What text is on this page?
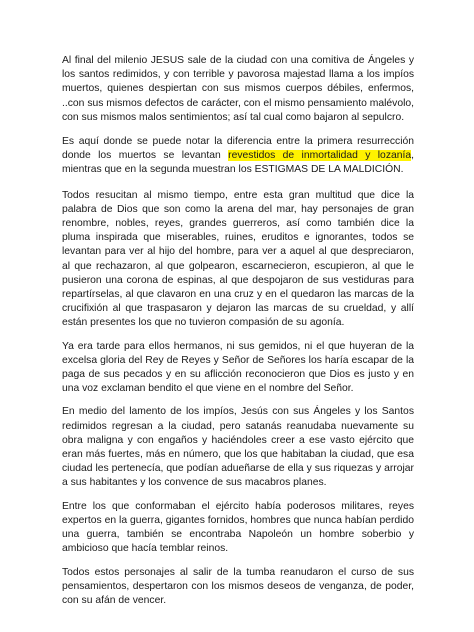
Al final del milenio JESUS sale de la ciudad con una comitiva de Ángeles y los santos redimidos, y con terrible y pavorosa majestad llama a los impíos muertos, quienes despiertan con sus mismos cuerpos débiles, enfermos, ..con sus mismos defectos de carácter, con el mismo pensamiento malévolo, con sus mismos malos sentimientos; así tal cual como bajaron al sepulcro.

Es aquí donde se puede notar la diferencia entre la primera resurrección donde los muertos se levantan revestidos de inmortalidad y lozanía, mientras que en la segunda muestran los ESTIGMAS DE LA MALDICIÓN.

Todos resucitan al mismo tiempo, entre esta gran multitud que dice la palabra de Dios que son como la arena del mar, hay personajes de gran renombre, nobles, reyes, grandes guerreros, así como también dice la pluma inspirada que miserables, ruines, eruditos e ignorantes, todos se levantan para ver al hijo del hombre, para ver a aquel al que despreciaron, al que rechazaron, al que golpearon, escarnecieron, escupieron, al que le pusieron una corona de espinas, al que despojaron de sus vestiduras para repartírselas, al que clavaron en una cruz y en el quedaron las marcas de la crucifixión al que traspasaron y dejaron las marcas de su crueldad, y allí están presentes los que no tuvieron compasión de su agonía.

Ya era tarde para ellos hermanos, ni sus gemidos, ni el que huyeran de la excelsa gloria del Rey de Reyes y Señor de Señores los haría escapar de la paga de sus pecados y en su aflicción reconocieron que Dios es justo y en una voz exclaman bendito el que viene en el nombre del Señor.

En medio del lamento de los impíos, Jesús con sus Ángeles y los Santos redimidos regresan a la ciudad, pero satanás reanudaba nuevamente su obra maligna y con engaños y haciéndoles creer a ese vasto ejército que eran más fuertes, más en número, que los que habitaban la ciudad, que esa ciudad les pertenecía, que podían adueñarse de ella y sus riquezas y arrojar a sus habitantes y los convence de sus macabros planes.

Entre los que conformaban el ejército había poderosos militares, reyes expertos en la guerra, gigantes fornidos, hombres que nunca habían perdido una guerra, también se encontraba Napoleón un hombre soberbio y ambicioso que hacía temblar reinos.

Todos estos personajes al salir de la tumba reanudaron el curso de sus pensamientos, despertaron con los mismos deseos de venganza, de poder, con su afán de vencer.
